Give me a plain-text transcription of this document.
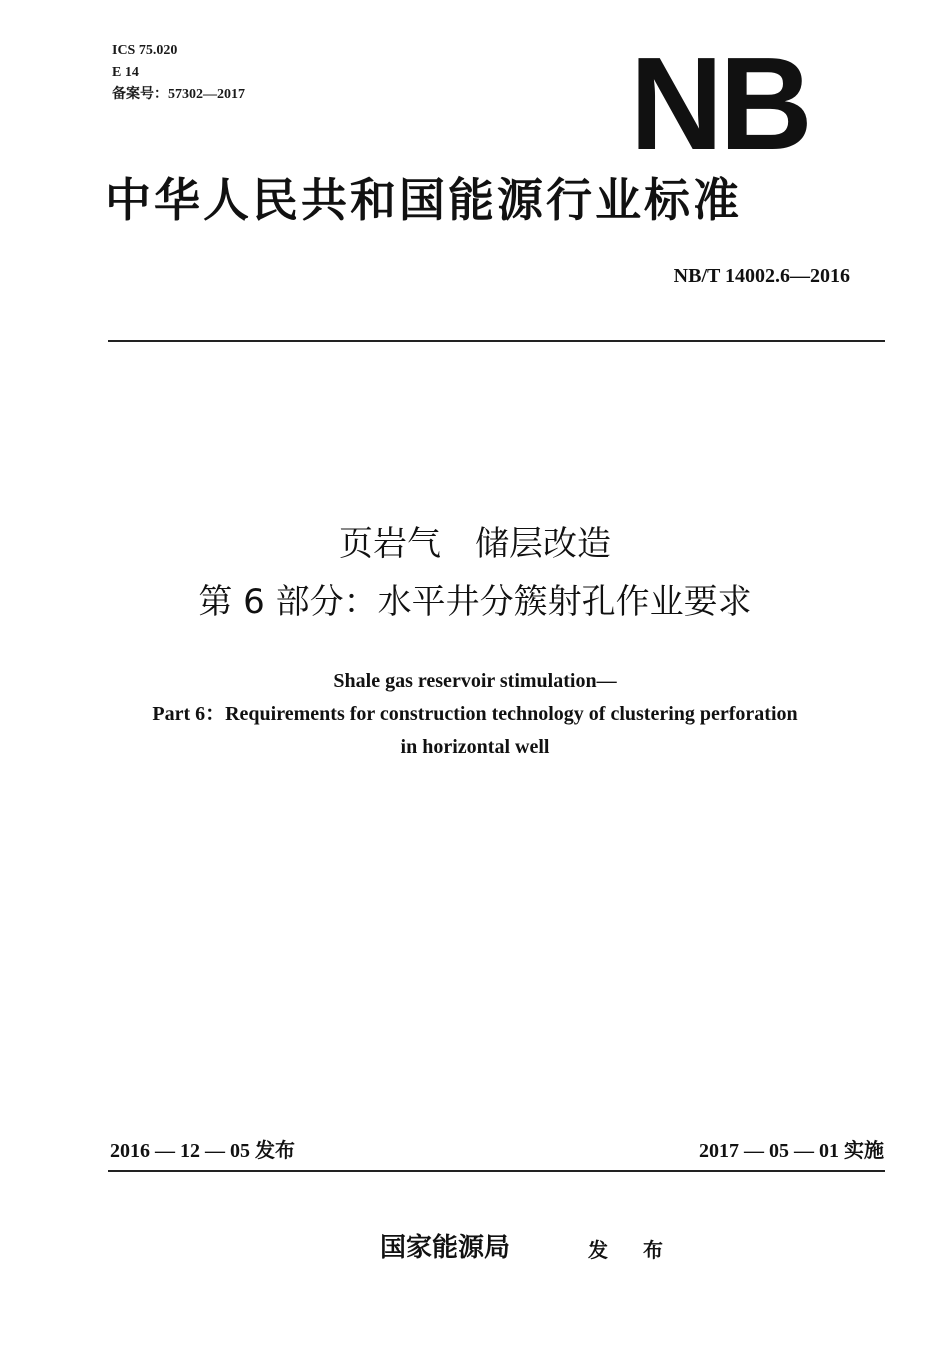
ICS 75.020
E 14
备案号：57302—2017	NB
中华人民共和国能源行业标准
NB/T 14002.6—2016
页岩气　储层改造
第 6 部分：水平井分簇射孔作业要求
Shale gas reservoir stimulation—
Part 6：Requirements for construction technology of clustering perforation
in horizontal well
2016 — 12 — 05 发布	2017 — 05 — 01 实施
国家能源局	发 布
